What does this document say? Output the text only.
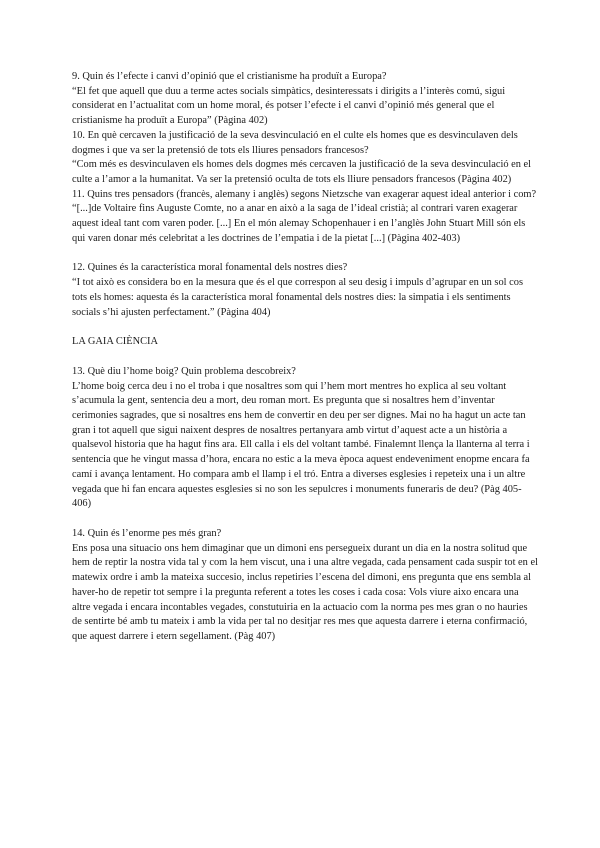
9. Quin és l’efecte i canvi d’opinió que el cristianisme ha produït a Europa?

“El fet que aquell que duu a terme actes socials simpàtics, desinteressats i dirigits a l’interès comú, sigui considerat en l’actualitat com un home moral, és potser l’efecte i el canvi d’opinió més general que el cristianisme ha produït a Europa” (Pàgina 402)

10. En què cercaven la justificació de la seva desvinculació en el culte els homes que es desvinculaven dels dogmes i que va ser la pretensió de tots els lliures pensadors francesos?

“Com més es desvinculaven els homes dels dogmes més cercaven la justificació de la seva desvinculació en el culte a l’amor a la humanitat. Va ser la pretensió oculta de tots els lliure pensadors francesos (Pàgina 402)

11. Quins tres pensadors (francès, alemany i anglès) segons Nietzsche van exagerar aquest ideal anterior i com?

“[...]de Voltaire fins Auguste Comte, no a anar en això a la saga de l’ideal cristià; al contrari varen exagerar aquest ideal tant com varen poder. [...] En el món alemay Schopenhauer i en l’anglès John Stuart Mill són els qui varen donar més celebritat a les doctrines de l’empatia i de la pietat [...] (Pàgina 402-403)

12. Quines és la característica moral fonamental dels nostres dies?

“I tot això es considera bo en la mesura que és el que correspon al seu desig i impuls d’agrupar en un sol cos tots els homes: aquesta és la característica moral fonamental dels nostres dies: la simpatia i els sentiments socials s’hi ajusten perfectament.” (Pàgina 404)

LA GAIA CIÈNCIA

13. Què diu l’home boig? Quin problema descobreix?

L’home boig cerca deu i no el troba i que nosaltres som qui l’hem mort mentres ho explica al seu voltant s’acumula la gent, sentencia deu a mort, deu roman mort. Es pregunta que si nosaltres hem d’inventar cerimonies sagrades, que si nosaltres ens hem de convertir en deu per ser dignes. Mai no ha hagut un acte tan gran i tot aquell que sigui naixent despres de nosaltres pertanyara amb virtut d’aquest acte a un història a qualsevol historia que ha hagut fins ara. Ell calla i els del voltant també. Finalemnt llença la llanterna al terra i sentencia que he vingut massa d’hora, encara no estic a la meva època aquest endeveniment enopme encara fa camí i avança lentament. Ho compara amb el llamp i el tró. Entra a diverses esglesies i repeteix una i un altre vegada que hi fan encara aquestes esglesies si no son les sepulcres i monuments funeraris de deu? (Pàg 405-406)

14. Quin és l’enorme pes més gran?

Ens posa una situacio ons hem dimaginar que un dimoni ens persegueix durant un dia en la nostra solitud que hem de reptir la nostra vida tal y com la hem viscut, una i una altre vegada, cada pensament cada suspir tot en el matewix ordre i amb la mateixa succesio, inclus repetiries l’escena del dimoni, ens pregunta que ens sembla al haver-ho de repetir tot sempre i la pregunta referent a totes les coses i cada cosa: Vols viure aixo encara una altre vegada i encara incontables vegades, constutuiria en la actuacio com la norma pes mes gran o no hauries de sentirte bé amb tu mateix i amb la vida per tal no desitjar res mes que aquesta darrere i eterna confirmació, que aquest darrere i etern segellament. (Pàg 407)
